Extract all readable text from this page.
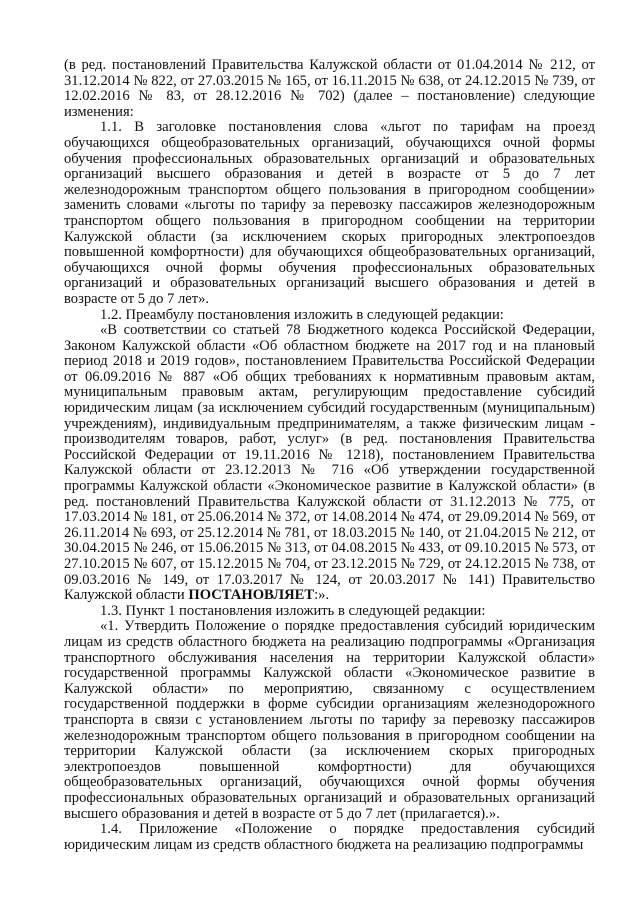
(в ред. постановлений Правительства Калужской области от 01.04.2014 № 212, от 31.12.2014 № 822, от 27.03.2015 № 165, от 16.11.2015 № 638, от 24.12.2015 № 739, от 12.02.2016 № 83, от 28.12.2016 № 702) (далее – постановление) следующие изменения:

1.1. В заголовке постановления слова «льгот по тарифам на проезд обучающихся общеобразовательных организаций, обучающихся очной формы обучения профессиональных образовательных организаций и образовательных организаций высшего образования и детей в возрасте от 5 до 7 лет железнодорожным транспортом общего пользования в пригородном сообщении» заменить словами «льготы по тарифу за перевозку пассажиров железнодорожным транспортом общего пользования в пригородном сообщении на территории Калужской области (за исключением скорых пригородных электропоездов повышенной комфортности) для обучающихся общеобразовательных организаций, обучающихся очной формы обучения профессиональных образовательных организаций и образовательных организаций высшего образования и детей в возрасте от 5 до 7 лет».

1.2. Преамбулу постановления изложить в следующей редакции:

«В соответствии со статьей 78 Бюджетного кодекса Российской Федерации, Законом Калужской области «Об областном бюджете на 2017 год и на плановый период 2018 и 2019 годов», постановлением Правительства Российской Федерации от 06.09.2016 № 887 «Об общих требованиях к нормативным правовым актам, муниципальным правовым актам, регулирующим предоставление субсидий юридическим лицам (за исключением субсидий государственным (муниципальным) учреждениям), индивидуальным предпринимателям, а также физическим лицам - производителям товаров, работ, услуг» (в ред. постановления Правительства Российской Федерации от 19.11.2016 № 1218), постановлением Правительства Калужской области от 23.12.2013 № 716 «Об утверждении государственной программы Калужской области «Экономическое развитие в Калужской области» (в ред. постановлений Правительства Калужской области от 31.12.2013 № 775, от 17.03.2014 № 181, от 25.06.2014 № 372, от 14.08.2014 № 474, от 29.09.2014 № 569, от 26.11.2014 № 693, от 25.12.2014 № 781, от 18.03.2015 № 140, от 21.04.2015 № 212, от 30.04.2015 № 246, от 15.06.2015 № 313, от 04.08.2015 № 433, от 09.10.2015 № 573, от 27.10.2015 № 607, от 15.12.2015 № 704, от 23.12.2015 № 729, от 24.12.2015 № 738, от 09.03.2016 № 149, от 17.03.2017 № 124, от 20.03.2017 № 141) Правительство Калужской области ПОСТАНОВЛЯЕТ:».

1.3. Пункт 1 постановления изложить в следующей редакции:

«1. Утвердить Положение о порядке предоставления субсидий юридическим лицам из средств областного бюджета на реализацию подпрограммы «Организация транспортного обслуживания населения на территории Калужской области» государственной программы Калужской области «Экономическое развитие в Калужской области» по мероприятию, связанному с осуществлением государственной поддержки в форме субсидии организациям железнодорожного транспорта в связи с установлением льготы по тарифу за перевозку пассажиров железнодорожным транспортом общего пользования в пригородном сообщении на территории Калужской области (за исключением скорых пригородных электропоездов повышенной комфортности) для обучающихся общеобразовательных организаций, обучающихся очной формы обучения профессиональных образовательных организаций и образовательных организаций высшего образования и детей в возрасте от 5 до 7 лет (прилагается).».

1.4. Приложение «Положение о порядке предоставления субсидий юридическим лицам из средств областного бюджета на реализацию подпрограммы
